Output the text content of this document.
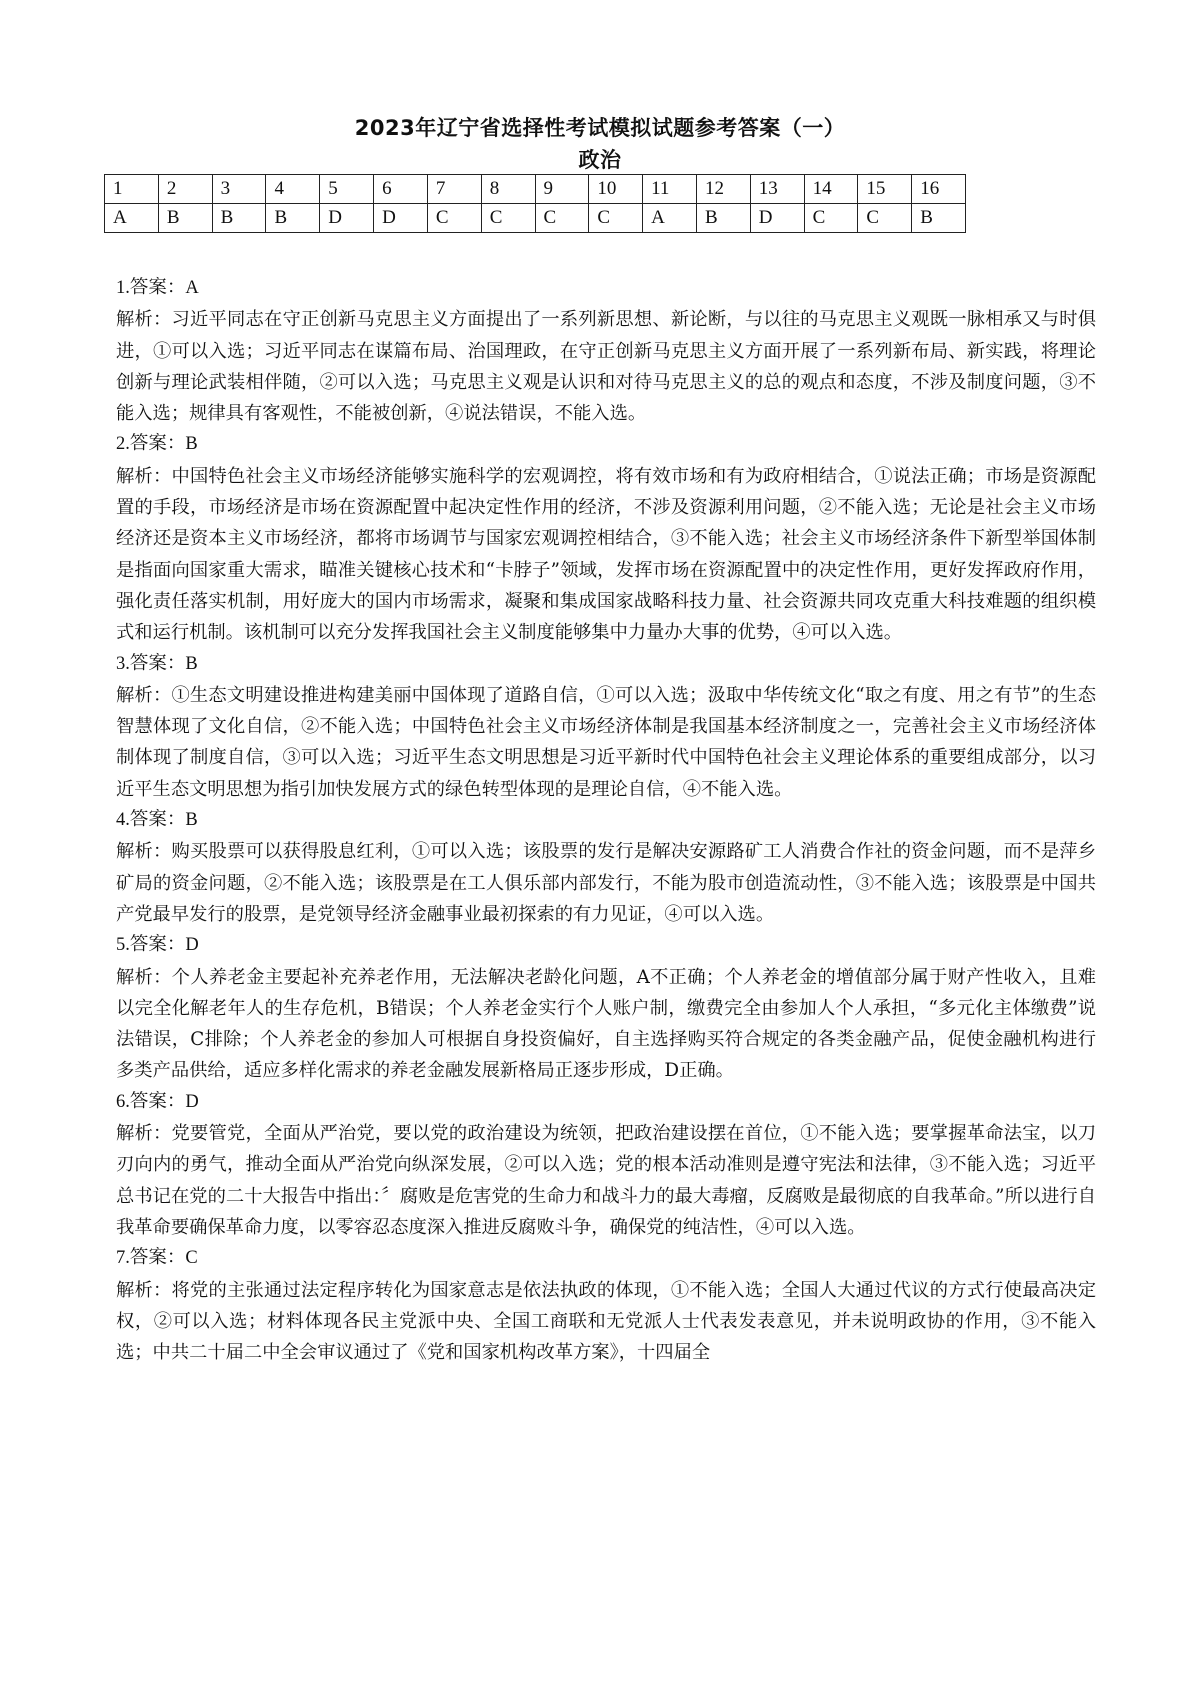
2023年辽宁省选择性考试模拟试题参考答案（一）
政治
1	2	3	4	5	6	7	8	9	10	11	12	13	14	15	16
A	B	B	B	D	D	C	C	C	C	A	B	D	C	C	B

1.答案：A

解析：习近平同志在守正创新马克思主义方面提出了一系列新思想、新论断，与以往的马克思主义观既一脉相承又与时俱进，①可以入选；习近平同志在谋篇布局、治国理政，在守正创新马克思主义方面开展了一系列新布局、新实践，将理论创新与理论武装相伴随，②可以入选；马克思主义观是认识和对待马克思主义的总的观点和态度，不涉及制度问题，③不能入选；规律具有客观性，不能被创新，④说法错误，不能入选。

2.答案：B

解析：中国特色社会主义市场经济能够实施科学的宏观调控，将有效市场和有为政府相结合，①说法正确；市场是资源配置的手段，市场经济是市场在资源配置中起决定性作用的经济，不涉及资源利用问题，②不能入选；无论是社会主义市场经济还是资本主义市场经济，都将市场调节与国家宏观调控相结合，③不能入选；社会主义市场经济条件下新型举国体制是指面向国家重大需求，瞄准关键核心技术和“卡脖子”领域，发挥市场在资源配置中的决定性作用，更好发挥政府作用，强化责任落实机制，用好庞大的国内市场需求，凝聚和集成国家战略科技力量、社会资源共同攻克重大科技难题的组织模式和运行机制。该机制可以充分发挥我国社会主义制度能够集中力量办大事的优势，④可以入选。

3.答案：B

解析：①生态文明建设推进构建美丽中国体现了道路自信，①可以入选；汲取中华传统文化“取之有度、用之有节”的生态智慧体现了文化自信，②不能入选；中国特色社会主义市场经济体制是我国基本经济制度之一，完善社会主义市场经济体制体现了制度自信，③可以入选；习近平生态文明思想是习近平新时代中国特色社会主义理论体系的重要组成部分，以习近平生态文明思想为指引加快发展方式的绿色转型体现的是理论自信，④不能入选。

4.答案：B

解析：购买股票可以获得股息红利，①可以入选；该股票的发行是解决安源路矿工人消费合作社的资金问题，而不是萍乡矿局的资金问题，②不能入选；该股票是在工人俱乐部内部发行，不能为股市创造流动性，③不能入选；该股票是中国共产党最早发行的股票，是党领导经济金融事业最初探索的有力见证，④可以入选。

5.答案：D

解析：个人养老金主要起补充养老作用，无法解决老龄化问题，A不正确；个人养老金的增值部分属于财产性收入，且难以完全化解老年人的生存危机，B错误；个人养老金实行个人账户制，缴费完全由参加人个人承担，“多元化主体缴费”说法错误，C排除；个人养老金的参加人可根据自身投资偏好，自主选择购买符合规定的各类金融产品，促使金融机构进行多类产品供给，适应多样化需求的养老金融发展新格局正逐步形成，D正确。

6.答案：D

解析：党要管党，全面从严治党，要以党的政治建设为统领，把政治建设摆在首位，①不能入选；要掌握革命法宝，以刀刃向内的勇气，推动全面从严治党向纵深发展，②可以入选；党的根本活动准则是遵守宪法和法律，③不能入选；习近平总书记在党的二十大报告中指出：〞腐败是危害党的生命力和战斗力的最大毒瘤，反腐败是最彻底的自我革命。”所以进行自我革命要确保革命力度，以零容忍态度深入推进反腐败斗争，确保党的纯洁性，④可以入选。

7.答案：C

解析：将党的主张通过法定程序转化为国家意志是依法执政的体现，①不能入选；全国人大通过代议的方式行使最高决定权，②可以入选；材料体现各民主党派中央、全国工商联和无党派人士代表发表意见，并未说明政协的作用，③不能入选；中共二十届二中全会审议通过了《党和国家机构改革方案》，十四届全
